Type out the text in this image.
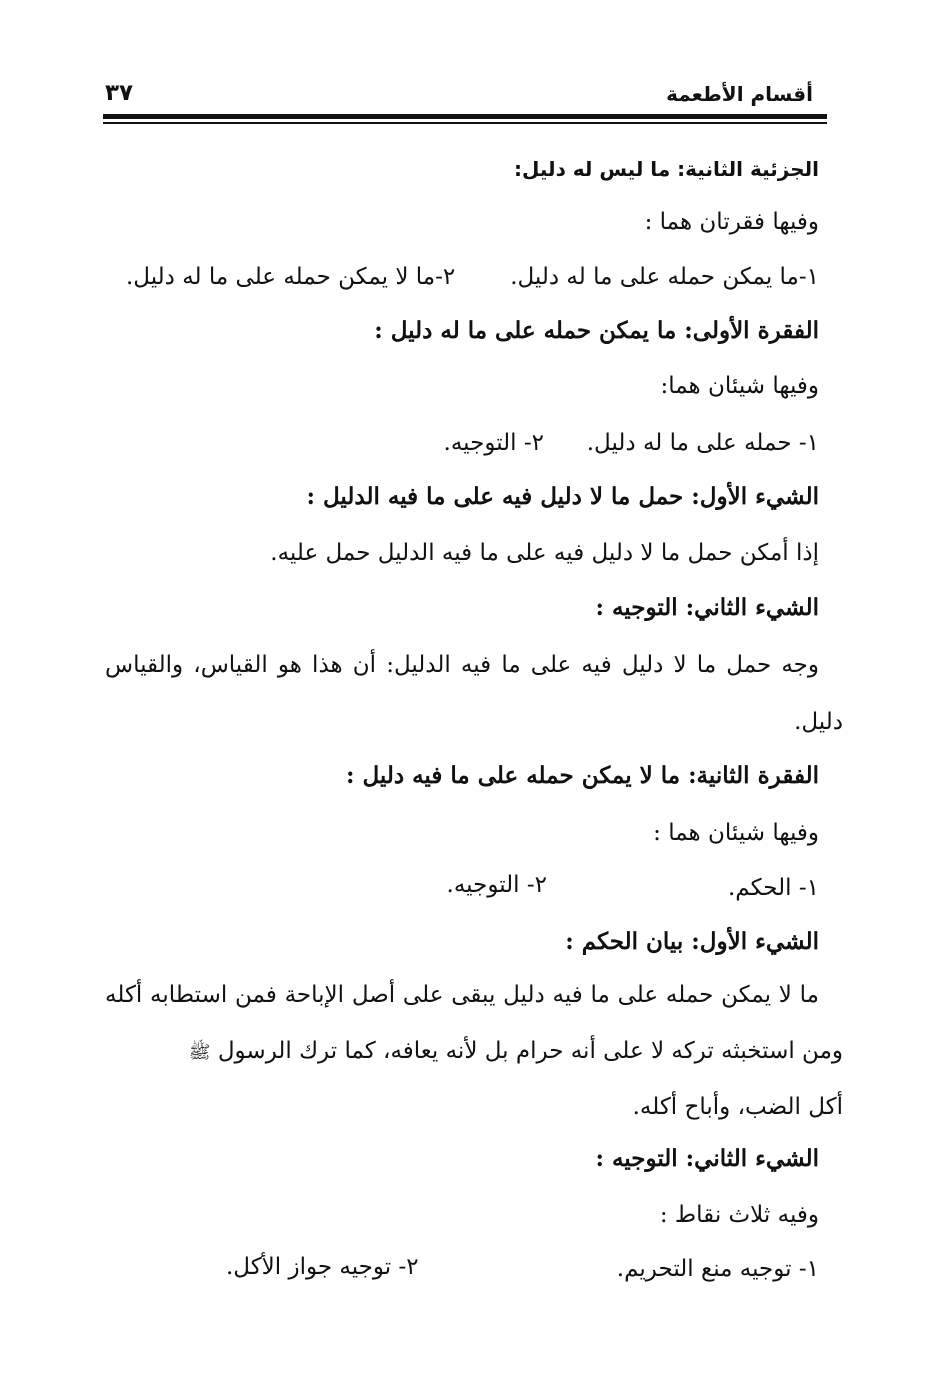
أقسام الأطعمة
٣٧
الجزئية الثانية: ما ليس له دليل:
وفيها فقرتان هما :
١-ما يمكن حمله على ما له دليل.
٢-ما لا يمكن حمله على ما له دليل.
الفقرة الأولى: ما يمكن حمله على ما له دليل :
وفيها شيئان هما:
١- حمله على ما له دليل.
٢- التوجيه.
الشيء الأول: حمل ما لا دليل فيه على ما فيه الدليل :
إذا أمكن حمل ما لا دليل فيه على ما فيه الدليل حمل عليه.
الشيء الثاني: التوجيه :
وجه حمل ما لا دليل فيه على ما فيه الدليل: أن هذا هو القياس، والقياس
دليل.
الفقرة الثانية: ما لا يمكن حمله على ما فيه دليل :
وفيها شيئان هما :
١- الحكم.
٢- التوجيه.
الشيء الأول: بيان الحكم :
ما لا يمكن حمله على ما فيه دليل يبقى على أصل الإباحة فمن استطابه أكله
ومن استخبثه تركه لا على أنه حرام بل لأنه يعافه، كما ترك الرسول ﷺ
أكل الضب، وأباح أكله.
الشيء الثاني: التوجيه :
وفيه ثلاث نقاط :
١- توجيه منع التحريم.
٢- توجيه جواز الأكل.
